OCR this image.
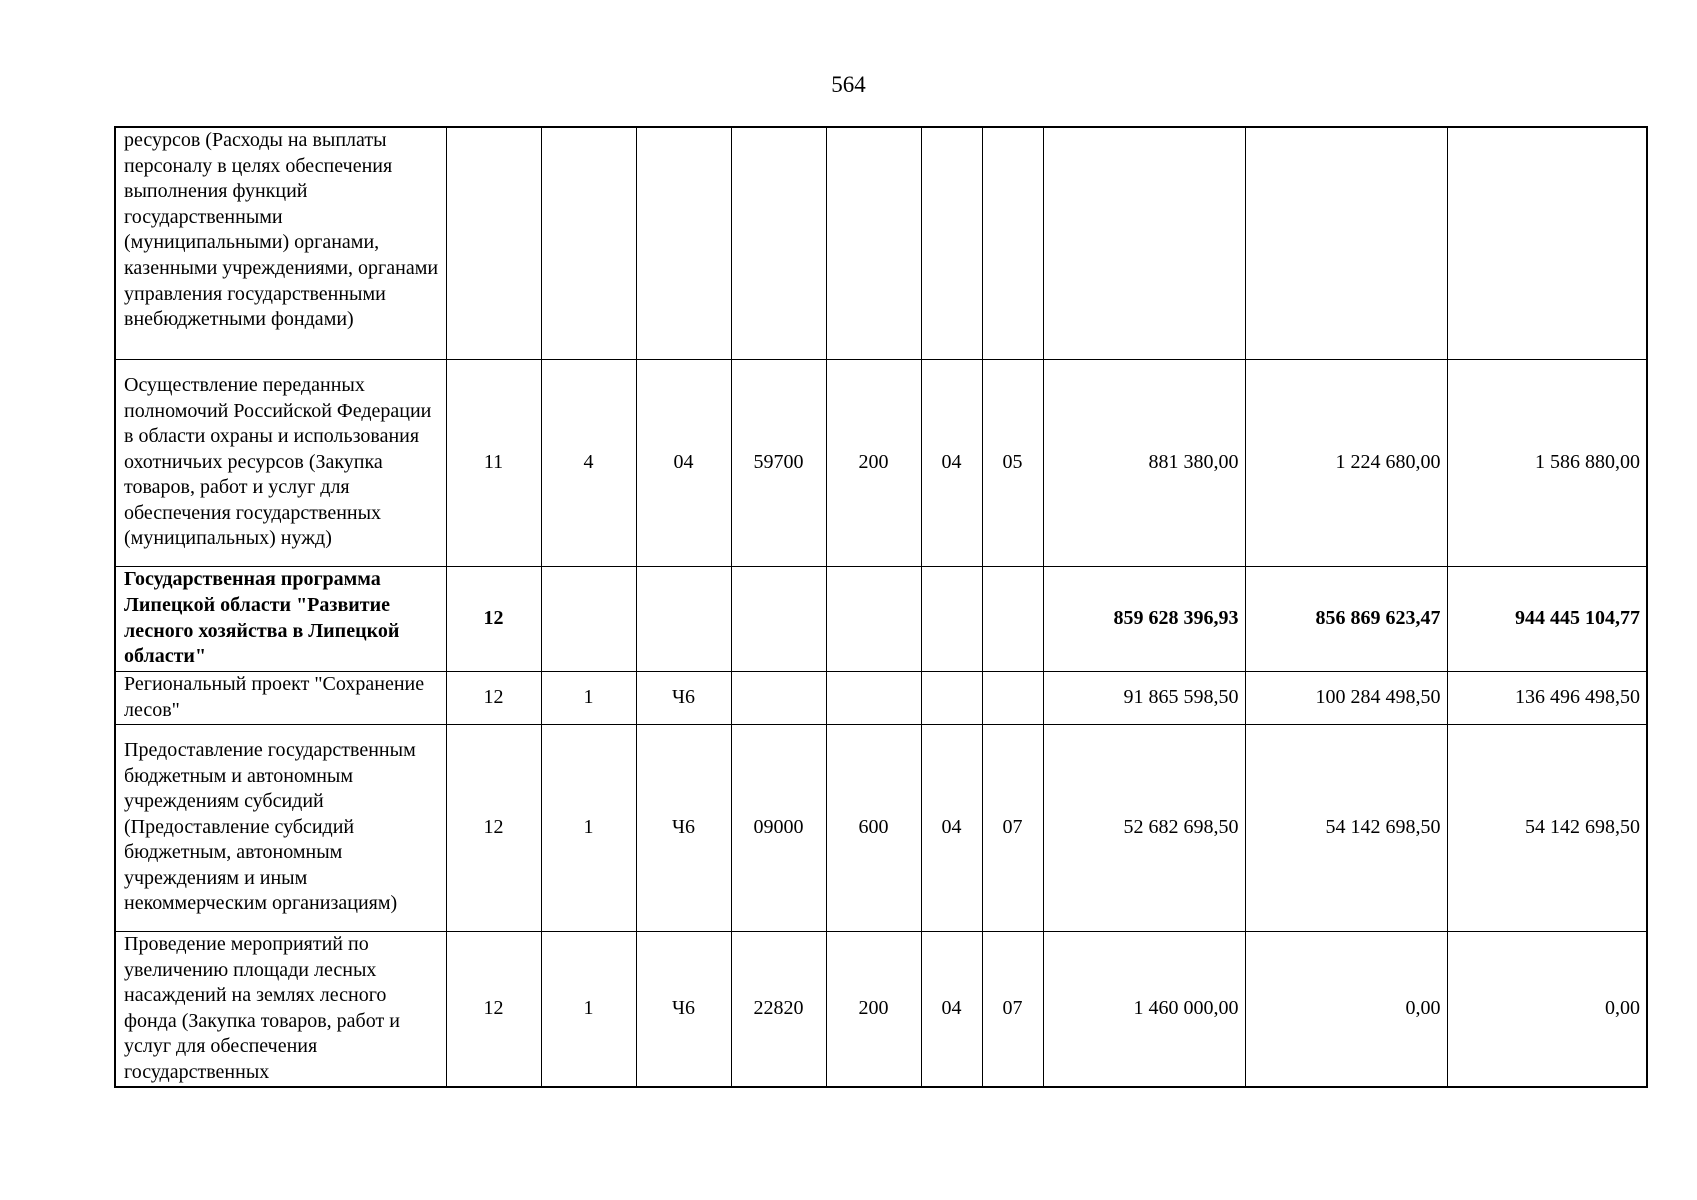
564
ресурсов (Расходы на выплаты персоналу в целях обеспечения выполнения функций государственными (муниципальными) органами, казенными учреждениями, органами управления государственными внебюджетными фондами)										
Осуществление переданных полномочий Российской Федерации в области охраны и использования охотничьих ресурсов (Закупка товаров, работ и услуг для обеспечения государственных (муниципальных) нужд)	11	4	04	59700	200	04	05	881 380,00	1 224 680,00	1 586 880,00
Государственная программа Липецкой области "Развитие лесного хозяйства в Липецкой области"	12							859 628 396,93	856 869 623,47	944 445 104,77
Региональный проект "Сохранение лесов"	12	1	Ч6					91 865 598,50	100 284 498,50	136 496 498,50
Предоставление государственным бюджетным и автономным учреждениям субсидий (Предоставление субсидий бюджетным, автономным учреждениям и иным некоммерческим организациям)	12	1	Ч6	09000	600	04	07	52 682 698,50	54 142 698,50	54 142 698,50
Проведение мероприятий по увеличению площади лесных насаждений на землях лесного фонда (Закупка товаров, работ и услуг для обеспечения государственных	12	1	Ч6	22820	200	04	07	1 460 000,00	0,00	0,00
